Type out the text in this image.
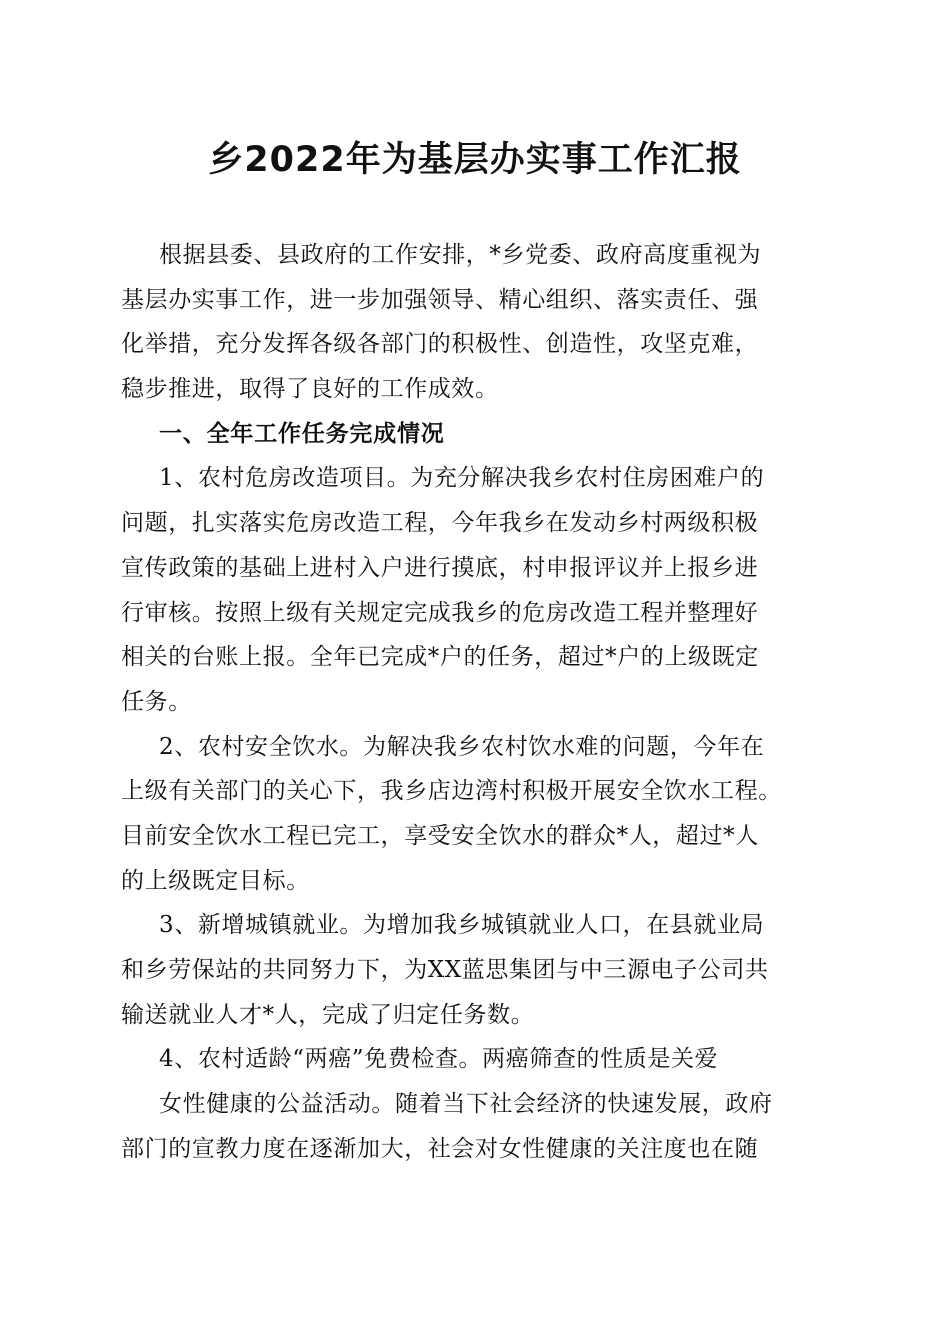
乡2022年为基层办实事工作汇报
根据县委、县政府的工作安排，*乡党委、政府高度重视为
基层办实事工作，进一步加强领导、精心组织、落实责任、强
化举措，充分发挥各级各部门的积极性、创造性，攻坚克难，
稳步推进，取得了良好的工作成效。
一、全年工作任务完成情况
1、农村危房改造项目。为充分解决我乡农村住房困难户的
问题，扎实落实危房改造工程，今年我乡在发动乡村两级积极
宣传政策的基础上进村入户进行摸底，村申报评议并上报乡进
行审核。按照上级有关规定完成我乡的危房改造工程并整理好
相关的台账上报。全年已完成*户的任务，超过*户的上级既定
任务。
2、农村安全饮水。为解决我乡农村饮水难的问题，今年在
上级有关部门的关心下，我乡店边湾村积极开展安全饮水工程。
目前安全饮水工程已完工，享受安全饮水的群众*人，超过*人
的上级既定目标。
3、新增城镇就业。为增加我乡城镇就业人口，在县就业局
和乡劳保站的共同努力下，为XX蓝思集团与中三源电子公司共
输送就业人才*人，完成了归定任务数。
4、农村适龄“两癌”免费检查。两癌筛查的性质是关爱
女性健康的公益活动。随着当下社会经济的快速发展，政府
部门的宣教力度在逐渐加大，社会对女性健康的关注度也在随
